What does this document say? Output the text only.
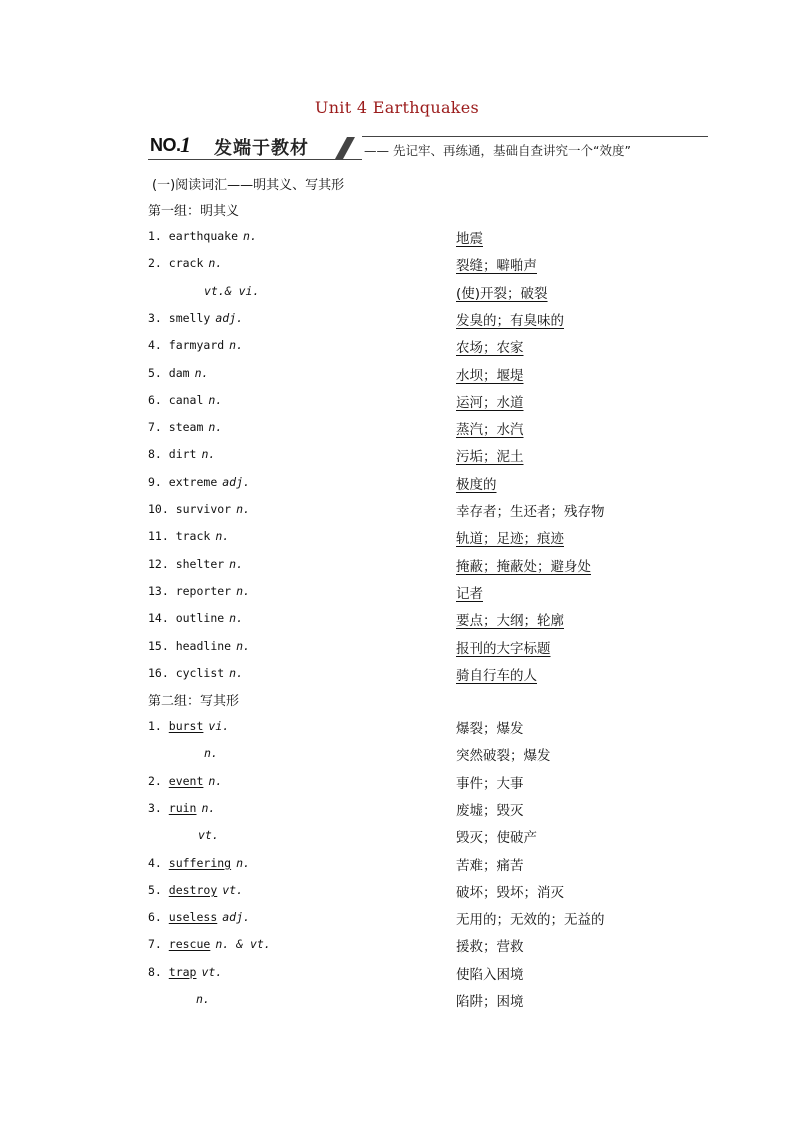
Unit 4 Earthquakes
NO. 1 发端于教材	—— 先记牢、再练通，基础自查讲究一个“效度”
(一)阅读词汇——明其义、写其形
第一组：明其义
第二组：写其形
1. earthquake n.	地震
2. crack n.	裂缝；噼啪声
vt.& vi.	(使)开裂；破裂
3. smelly adj.	发臭的；有臭味的
4. farmyard n.	农场；农家
5. dam n.	水坝；堰堤
6. canal n.	运河；水道
7. steam n.	蒸汽；水汽
8. dirt n.	污垢；泥土
9. extreme adj.	极度的
10. survivor n.	幸存者；生还者；残存物
11. track n.	轨道；足迹；痕迹
12. shelter n.	掩蔽；掩蔽处；避身处
13. reporter n.	记者
14. outline n.	要点；大纲；轮廓
15. headline n.	报刊的大字标题
16. cyclist n.	骑自行车的人
1. burst vi.	爆裂；爆发
n.	突然破裂；爆发
2. event n.	事件；大事
3. ruin n.	废墟；毁灭
vt.	毁灭；使破产
4. suffering n.	苦难；痛苦
5. destroy vt.	破坏；毁坏；消灭
6. useless adj.	无用的；无效的；无益的
7. rescue n. & vt.	援救；营救
8. trap vt.	使陷入困境
n.	陷阱；困境
